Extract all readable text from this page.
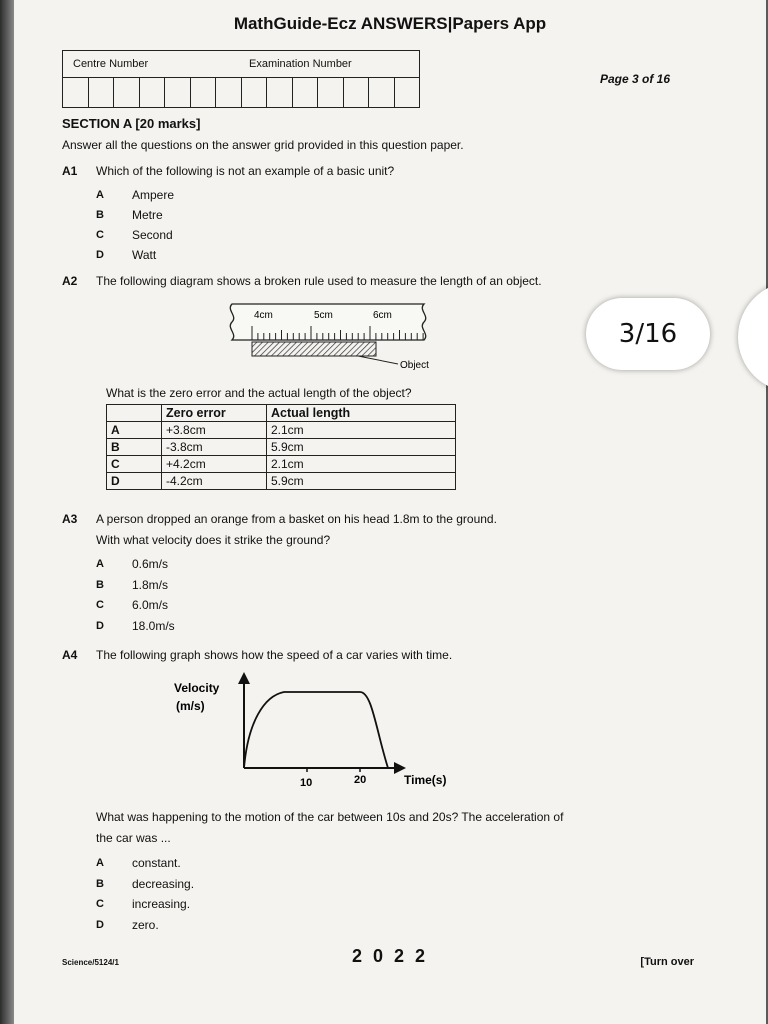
MathGuide-Ecz ANSWERS|Papers App
Centre Number	Examination Number
Page 3 of 16
SECTION A [20 marks]
Answer all the questions on the answer grid provided in this question paper.
A1 Which of the following is not an example of a basic unit?
A Ampere
B Metre
C Second
D Watt
A2 The following diagram shows a broken rule used to measure the length of an object.
4cm	5cm	6cm
Object
What is the zero error and the actual length of the object?
	Zero error	Actual length
A	+3.8cm	2.1cm
B	-3.8cm	5.9cm
C	+4.2cm	2.1cm
D	-4.2cm	5.9cm
A3 A person dropped an orange from a basket on his head 1.8m to the ground.
With what velocity does it strike the ground?
A 0.6m/s
B 1.8m/s
C 6.0m/s
D 18.0m/s
A4 The following graph shows how the speed of a car varies with time.
Velocity
(m/s)
10	20	Time(s)
What was happening to the motion of the car between 10s and 20s? The acceleration of
the car was ...
A constant.
B decreasing.
C increasing.
D zero.
Science/5124/1	2 0 2 2	[Turn over
3/16
